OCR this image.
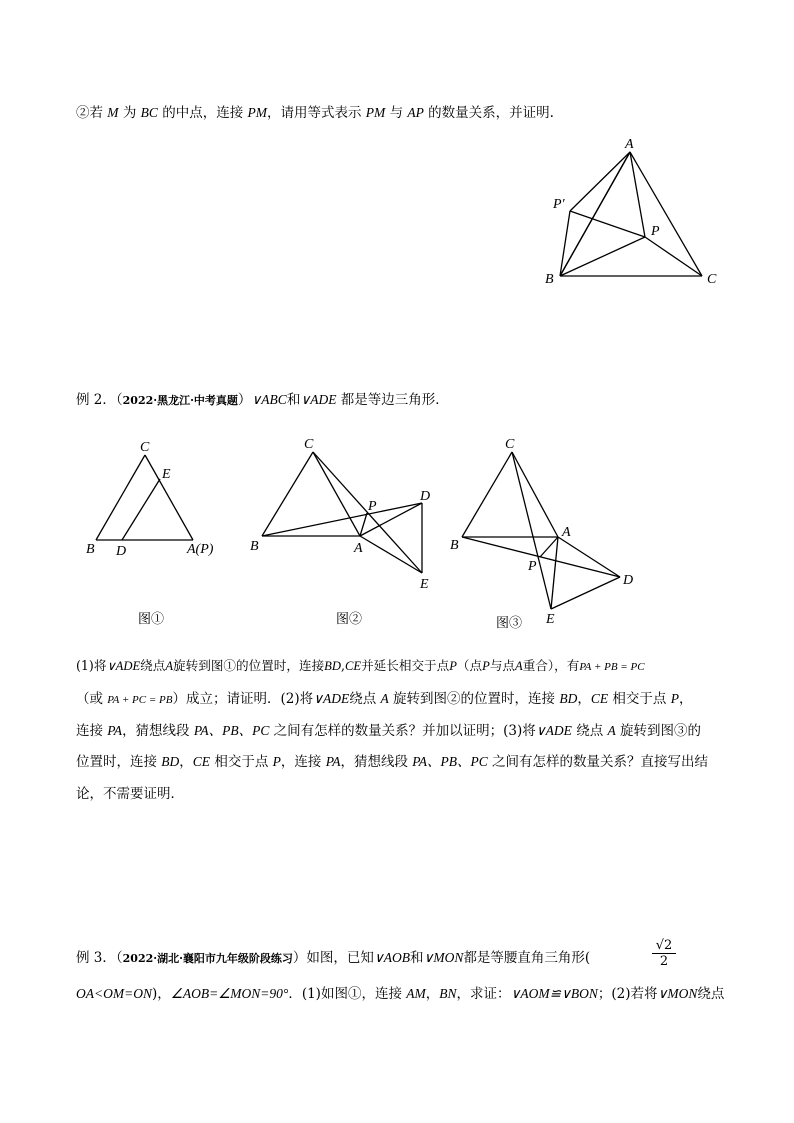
②若 M 为 BC 的中点，连接 PM，请用等式表示 PM 与 AP 的数量关系，并证明.
A
P′
P
B	C
例 2．（2022·黑龙江·中考真题）∨ABC和∨ADE 都是等边三角形．
C
E
B D	A(P)
C
P
D
B	A
E
C
A
B
P
D
E
图①	图②	图③
(1)将∨ADE绕点A旋转到图①的位置时，连接BD,CE并延长相交于点P（点P与点A重合），有PA + PB = PC
（或 PA + PC = PB）成立；请证明．(2)将∨ADE绕点 A 旋转到图②的位置时，连接 BD，CE 相交于点 P，
连接 PA，猜想线段 PA、PB、PC 之间有怎样的数量关系？并加以证明；(3)将∨ADE 绕点 A 旋转到图③的
位置时，连接 BD，CE 相交于点 P，连接 PA，猜想线段 PA、PB、PC 之间有怎样的数量关系？直接写出结
论，不需要证明．
例 3．（2022·湖北·襄阳市九年级阶段练习）如图，已知∨AOB和∨MON都是等腰直角三角形(
√2
2
OA<OM=ON)，∠AOB=∠MON=90°．(1)如图①，连接 AM，BN，求证：∨AOM≌∨BON；(2)若将∨MON绕点
